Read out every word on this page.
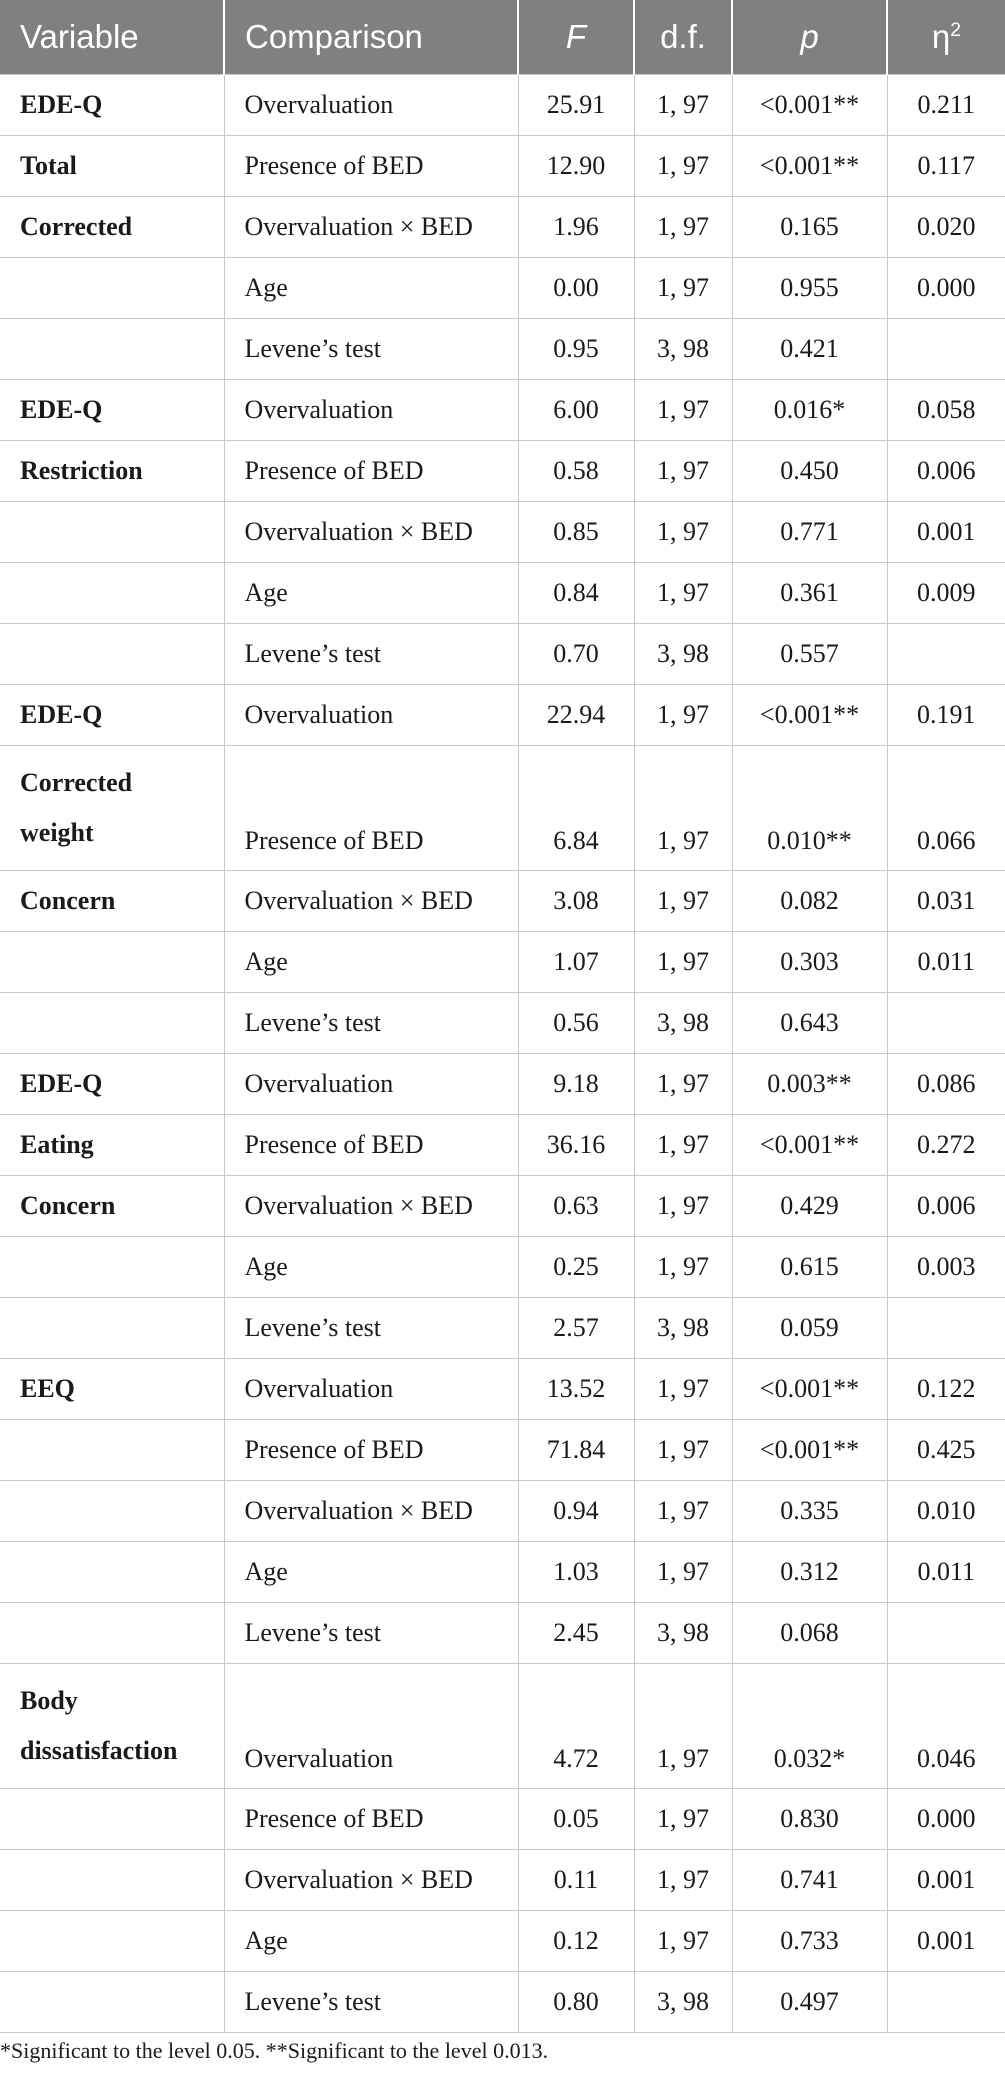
Variable	Comparison	F	d.f.	p	$\eta^2$
EDE-Q	Overvaluation	25.91	1, 97	<0.001**	0.211
Total	Presence of BED	12.90	1, 97	<0.001**	0.117
Corrected	Overvaluation × BED	1.96	1, 97	0.165	0.020
	Age	0.00	1, 97	0.955	0.000
	Levene’s test	0.95	3, 98	0.421	
EDE-Q	Overvaluation	6.00	1, 97	0.016*	0.058
Restriction	Presence of BED	0.58	1, 97	0.450	0.006
	Overvaluation × BED	0.85	1, 97	0.771	0.001
	Age	0.84	1, 97	0.361	0.009
	Levene’s test	0.70	3, 98	0.557	
EDE-Q	Overvaluation	22.94	1, 97	<0.001**	0.191
Corrected weight	Presence of BED	6.84	1, 97	0.010**	0.066
Concern	Overvaluation × BED	3.08	1, 97	0.082	0.031
	Age	1.07	1, 97	0.303	0.011
	Levene’s test	0.56	3, 98	0.643	
EDE-Q	Overvaluation	9.18	1, 97	0.003**	0.086
Eating	Presence of BED	36.16	1, 97	<0.001**	0.272
Concern	Overvaluation × BED	0.63	1, 97	0.429	0.006
	Age	0.25	1, 97	0.615	0.003
	Levene’s test	2.57	3, 98	0.059	
EEQ	Overvaluation	13.52	1, 97	<0.001**	0.122
	Presence of BED	71.84	1, 97	<0.001**	0.425
	Overvaluation × BED	0.94	1, 97	0.335	0.010
	Age	1.03	1, 97	0.312	0.011
	Levene’s test	2.45	3, 98	0.068	
Body dissatisfaction	Overvaluation	4.72	1, 97	0.032*	0.046
	Presence of BED	0.05	1, 97	0.830	0.000
	Overvaluation × BED	0.11	1, 97	0.741	0.001
	Age	0.12	1, 97	0.733	0.001
	Levene’s test	0.80	3, 98	0.497	
*Significant to the level 0.05. **Significant to the level 0.013.
